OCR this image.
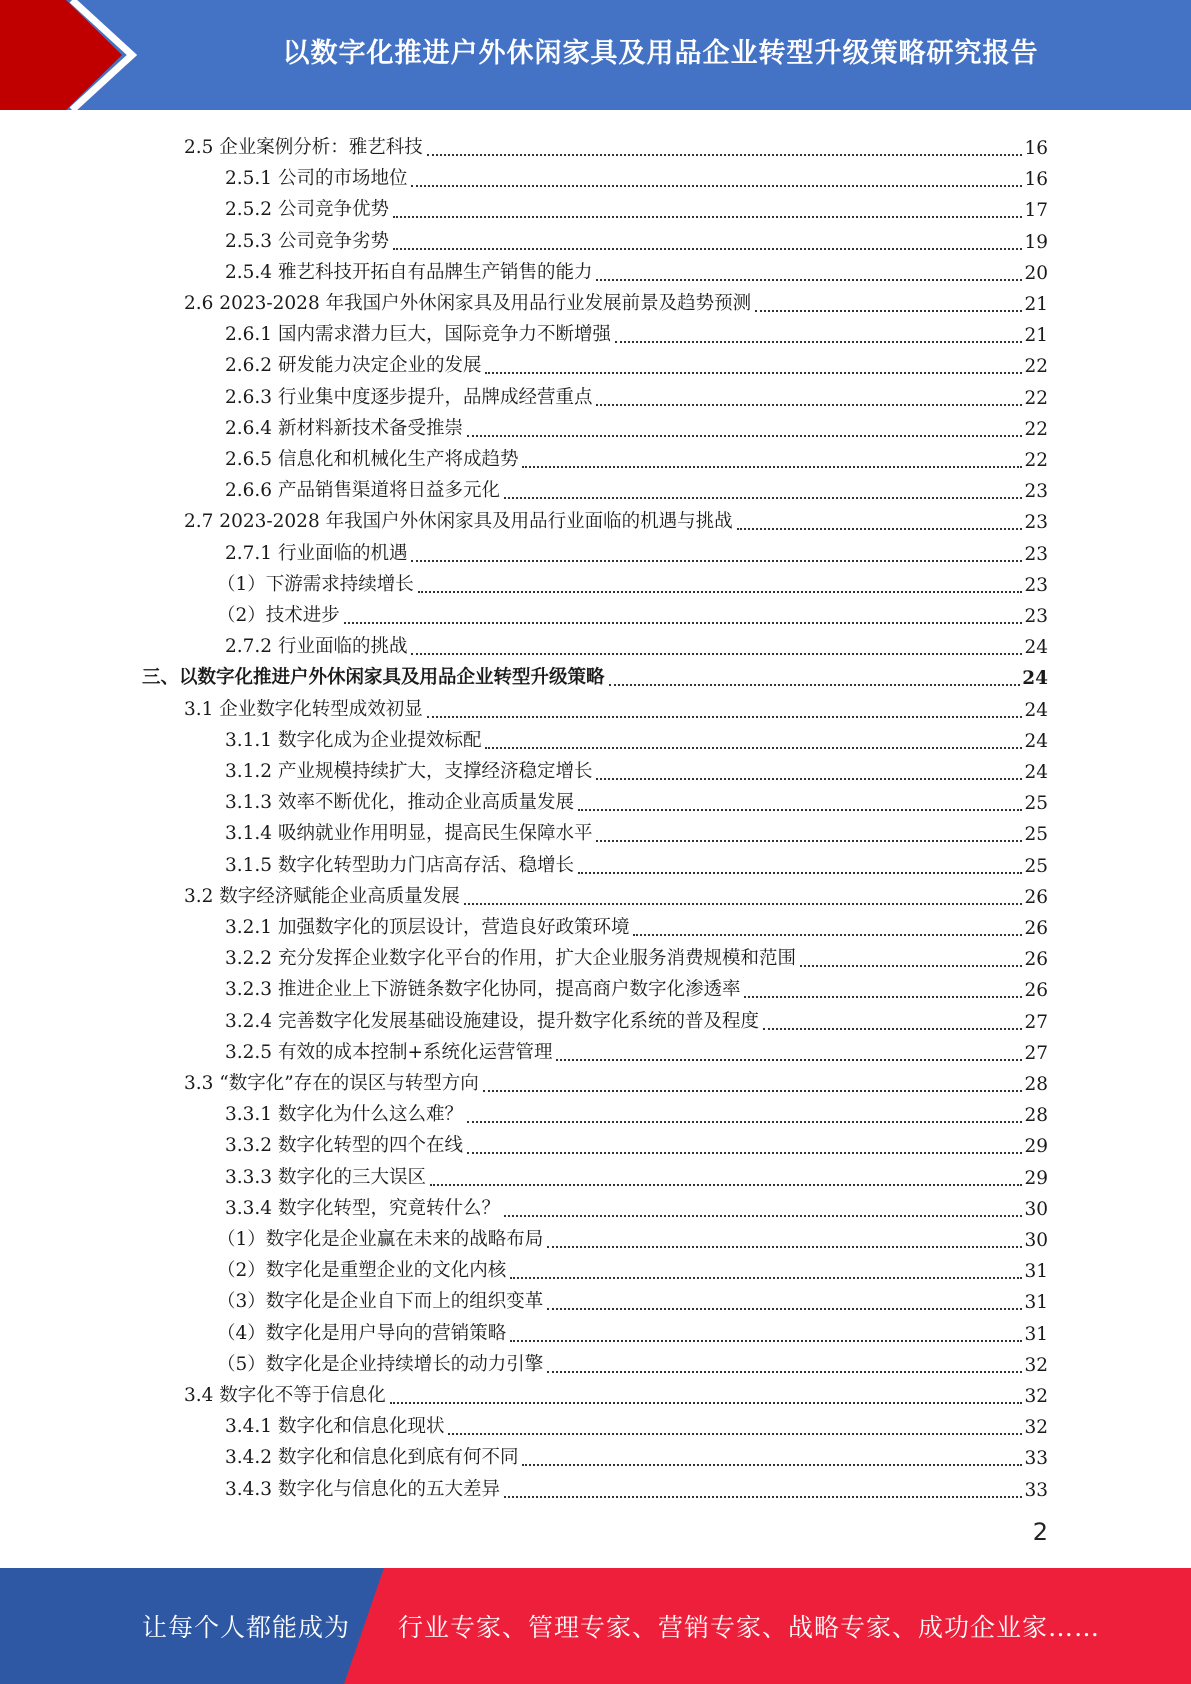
以数字化推进户外休闲家具及用品企业转型升级策略研究报告
2.5 企业案例分析：雅艺科技	16
2.5.1 公司的市场地位	16
2.5.2 公司竞争优势	17
2.5.3 公司竞争劣势	19
2.5.4 雅艺科技开拓自有品牌生产销售的能力	20
2.6 2023-2028 年我国户外休闲家具及用品行业发展前景及趋势预测	21
2.6.1 国内需求潜力巨大，国际竞争力不断增强	21
2.6.2 研发能力决定企业的发展	22
2.6.3 行业集中度逐步提升，品牌成经营重点	22
2.6.4 新材料新技术备受推崇	22
2.6.5 信息化和机械化生产将成趋势	22
2.6.6 产品销售渠道将日益多元化	23
2.7 2023-2028 年我国户外休闲家具及用品行业面临的机遇与挑战	23
2.7.1 行业面临的机遇	23
（1）下游需求持续增长	23
（2）技术进步	23
2.7.2 行业面临的挑战	24
三、以数字化推进户外休闲家具及用品企业转型升级策略	24
3.1 企业数字化转型成效初显	24
3.1.1 数字化成为企业提效标配	24
3.1.2 产业规模持续扩大，支撑经济稳定增长	24
3.1.3 效率不断优化，推动企业高质量发展	25
3.1.4 吸纳就业作用明显，提高民生保障水平	25
3.1.5 数字化转型助力门店高存活、稳增长	25
3.2 数字经济赋能企业高质量发展	26
3.2.1 加强数字化的顶层设计，营造良好政策环境	26
3.2.2 充分发挥企业数字化平台的作用，扩大企业服务消费规模和范围	26
3.2.3 推进企业上下游链条数字化协同，提高商户数字化渗透率	26
3.2.4 完善数字化发展基础设施建设，提升数字化系统的普及程度	27
3.2.5 有效的成本控制+系统化运营管理	27
3.3 “数字化”存在的误区与转型方向	28
3.3.1 数字化为什么这么难？	28
3.3.2 数字化转型的四个在线	29
3.3.3 数字化的三大误区	29
3.3.4 数字化转型，究竟转什么？	30
（1）数字化是企业赢在未来的战略布局	30
（2）数字化是重塑企业的文化内核	31
（3）数字化是企业自下而上的组织变革	31
（4）数字化是用户导向的营销策略	31
（5）数字化是企业持续增长的动力引擎	32
3.4 数字化不等于信息化	32
3.4.1 数字化和信息化现状	32
3.4.2 数字化和信息化到底有何不同	33
3.4.3 数字化与信息化的五大差异	33
2
让每个人都能成为 行业专家、管理专家、营销专家、战略专家、成功企业家……
